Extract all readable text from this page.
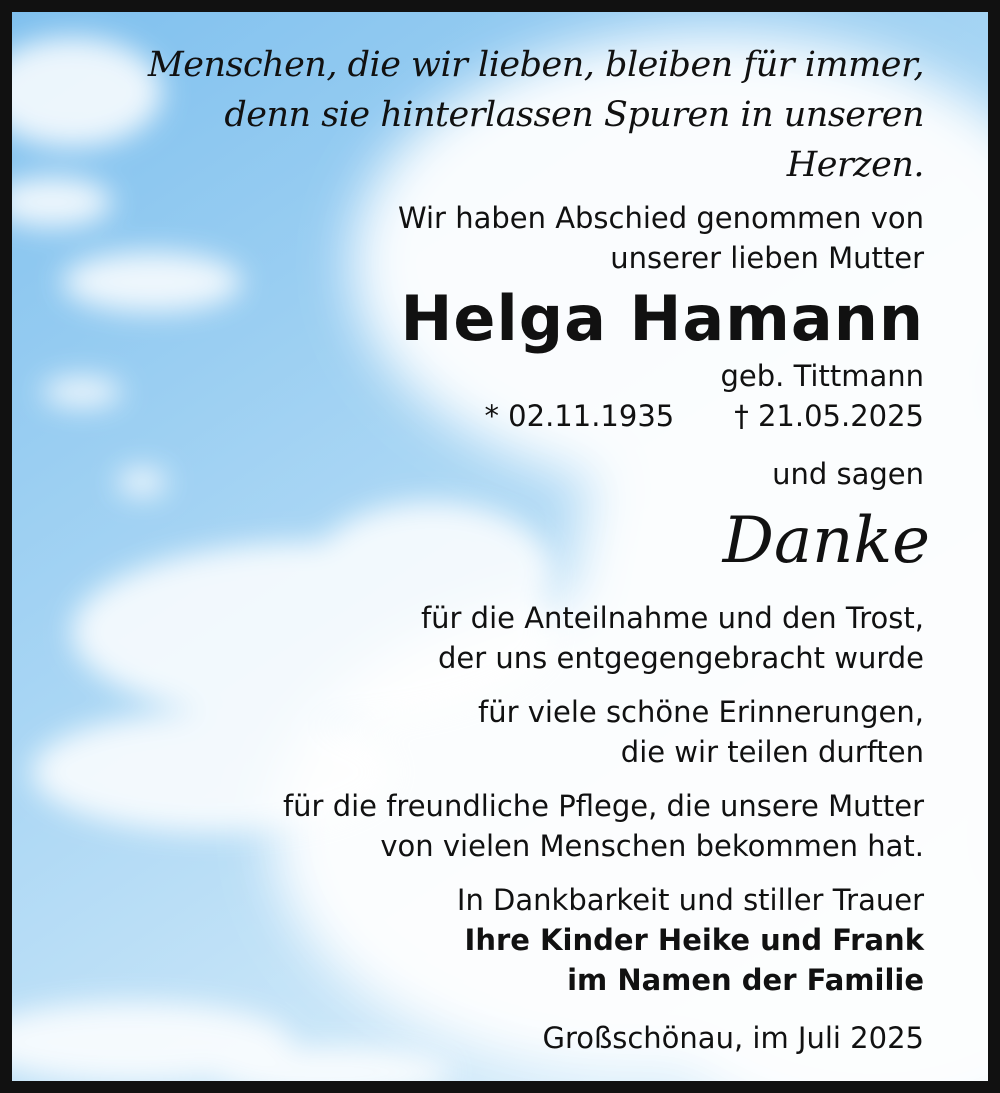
Menschen, die wir lieben, bleiben für immer,
denn sie hinterlassen Spuren in unseren Herzen.
Wir haben Abschied genommen von
unserer lieben Mutter
Helga Hamann
geb. Tittmann
* 02.11.1935 † 21.05.2025
und sagen
Danke
für die Anteilnahme und den Trost,
der uns entgegengebracht wurde
für viele schöne Erinnerungen,
die wir teilen durften
für die freundliche Pflege, die unsere Mutter
von vielen Menschen bekommen hat.
In Dankbarkeit und stiller Trauer
Ihre Kinder Heike und Frank
im Namen der Familie
Großschönau, im Juli 2025
